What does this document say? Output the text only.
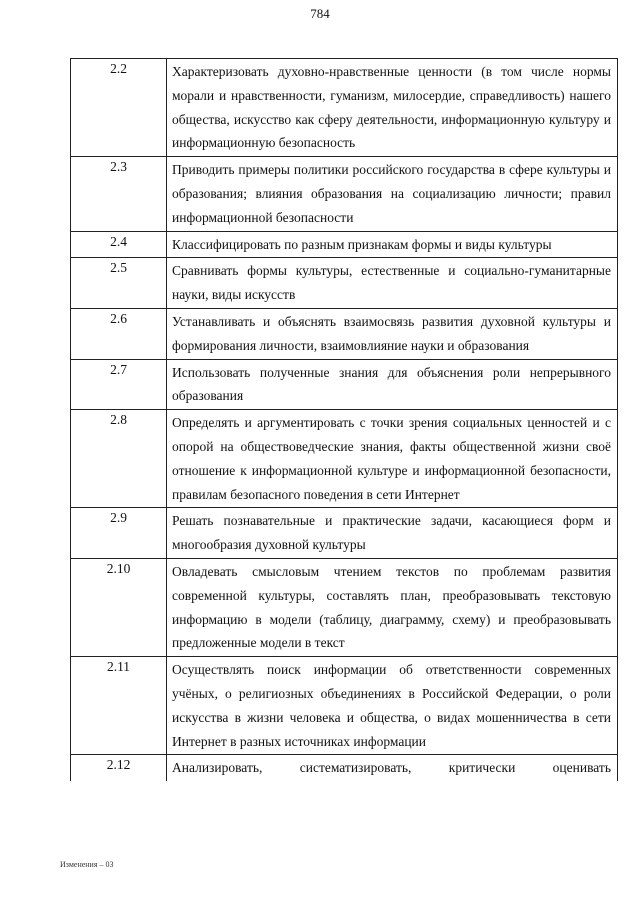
784
2.2	Характеризовать духовно-нравственные ценности (в том числе нормы морали и нравственности, гуманизм, милосердие, справедливость) нашего общества, искусство как сферу деятельности, информационную культуру и информационную безопасность
2.3	Приводить примеры политики российского государства в сфере культуры и образования; влияния образования на социализацию личности; правил информационной безопасности
2.4	Классифицировать по разным признакам формы и виды культуры
2.5	Сравнивать формы культуры, естественные и социально-гуманитарные науки, виды искусств
2.6	Устанавливать и объяснять взаимосвязь развития духовной культуры и формирования личности, взаимовлияние науки и образования
2.7	Использовать полученные знания для объяснения роли непрерывного образования
2.8	Определять и аргументировать с точки зрения социальных ценностей и с опорой на обществоведческие знания, факты общественной жизни своё отношение к информационной культуре и информационной безопасности, правилам безопасного поведения в сети Интернет
2.9	Решать познавательные и практические задачи, касающиеся форм и многообразия духовной культуры
2.10	Овладевать смысловым чтением текстов по проблемам развития современной культуры, составлять план, преобразовывать текстовую информацию в модели (таблицу, диаграмму, схему) и преобразовывать предложенные модели в текст
2.11	Осуществлять поиск информации об ответственности современных учёных, о религиозных объединениях в Российской Федерации, о роли искусства в жизни человека и общества, о видах мошенничества в сети Интернет в разных источниках информации
2.12	Анализировать, систематизировать, критически оценивать
Изменения – 03
